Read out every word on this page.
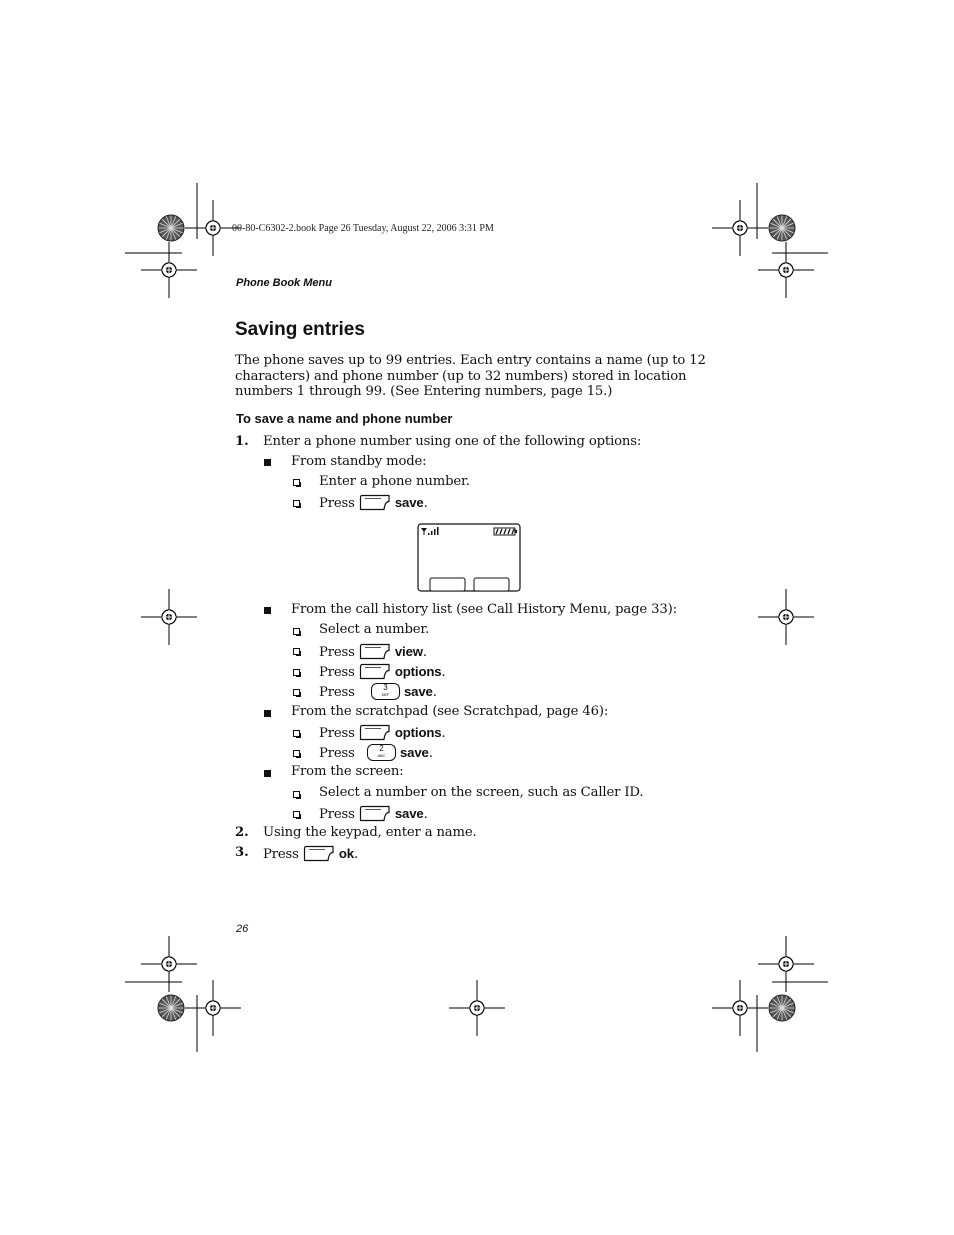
00-80-C6302-2.book Page 26 Tuesday, August 22, 2006 3:31 PM
Phone Book Menu
Saving entries
The phone saves up to 99 entries. Each entry contains a name (up to 12 characters) and phone number (up to 32 numbers) stored in location numbers 1 through 99. (See Entering numbers, page 15.)
To save a name and phone number
1. Enter a phone number using one of the following options:
From standby mode:
Enter a phone number.
Press	save.
From the call history list (see Call History Menu, page 33):
Select a number.
Press	view.
Press	options.
Press	3
DEF	save.
From the scratchpad (see Scratchpad, page 46):
Press	options.
Press	2
ABC	save.
From the screen:
Select a number on the screen, such as Caller ID.
Press	save.
2. Using the keypad, enter a name.
3. Press	ok.
26
